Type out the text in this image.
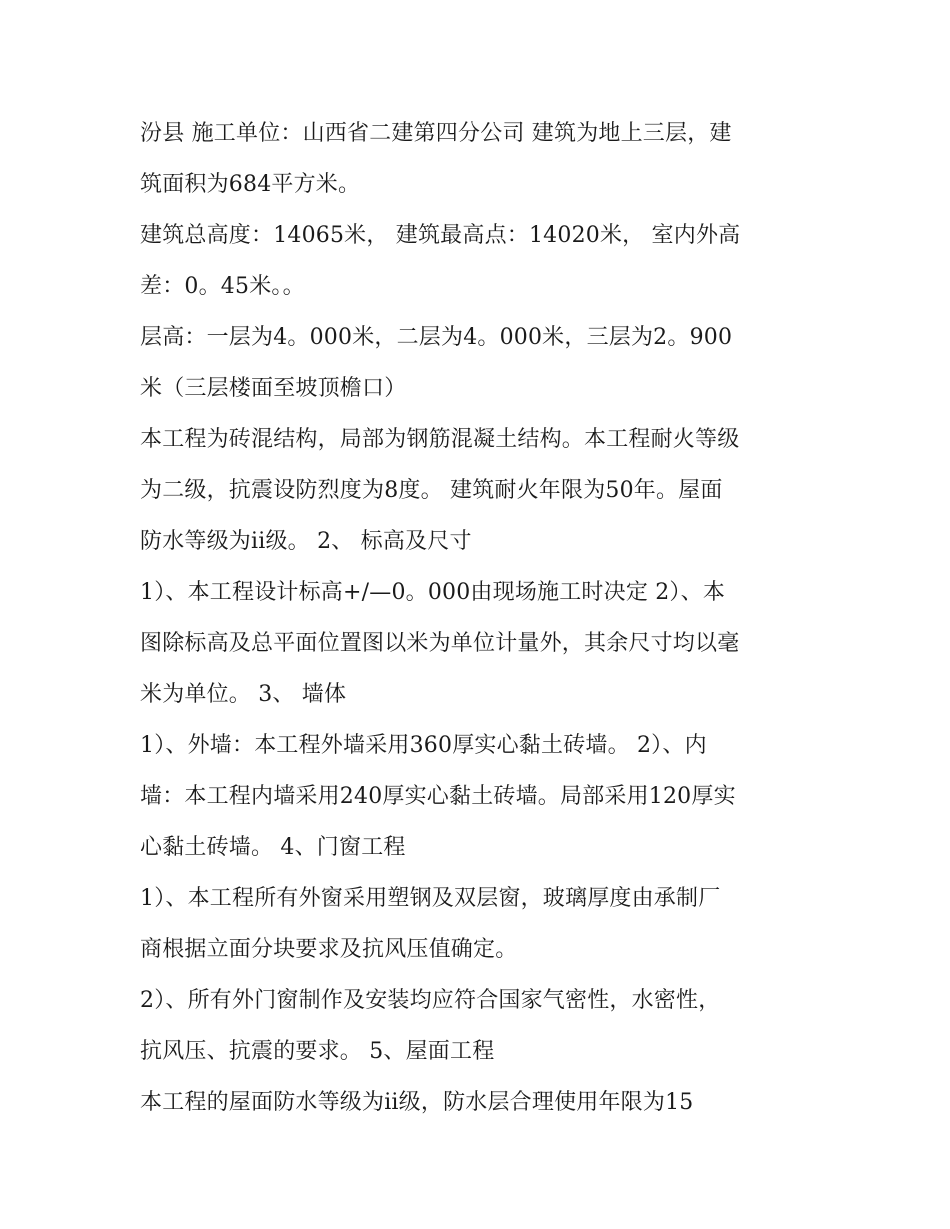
汾县 施工单位：山西省二建第四分公司 建筑为地上三层，建
筑面积为684平方米。
建筑总高度：14065米， 建筑最高点：14020米， 室内外高
差：0。45米。。
层高：一层为4。000米，二层为4。000米，三层为2。900
米（三层楼面至坡顶檐口）
本工程为砖混结构，局部为钢筋混凝土结构。本工程耐火等级
为二级，抗震设防烈度为8度。 建筑耐火年限为50年。屋面
防水等级为ii级。 2、 标高及尺寸
1）、本工程设计标高+/—0。000由现场施工时决定 2）、本
图除标高及总平面位置图以米为单位计量外，其余尺寸均以毫
米为单位。 3、 墙体
1）、外墙：本工程外墙采用360厚实心黏土砖墙。 2）、内
墙：本工程内墙采用240厚实心黏土砖墙。局部采用120厚实
心黏土砖墙。 4、门窗工程
1）、本工程所有外窗采用塑钢及双层窗，玻璃厚度由承制厂
商根据立面分块要求及抗风压值确定。
2）、所有外门窗制作及安装均应符合国家气密性，水密性，
抗风压、抗震的要求。 5、屋面工程
本工程的屋面防水等级为ii级，防水层合理使用年限为15
